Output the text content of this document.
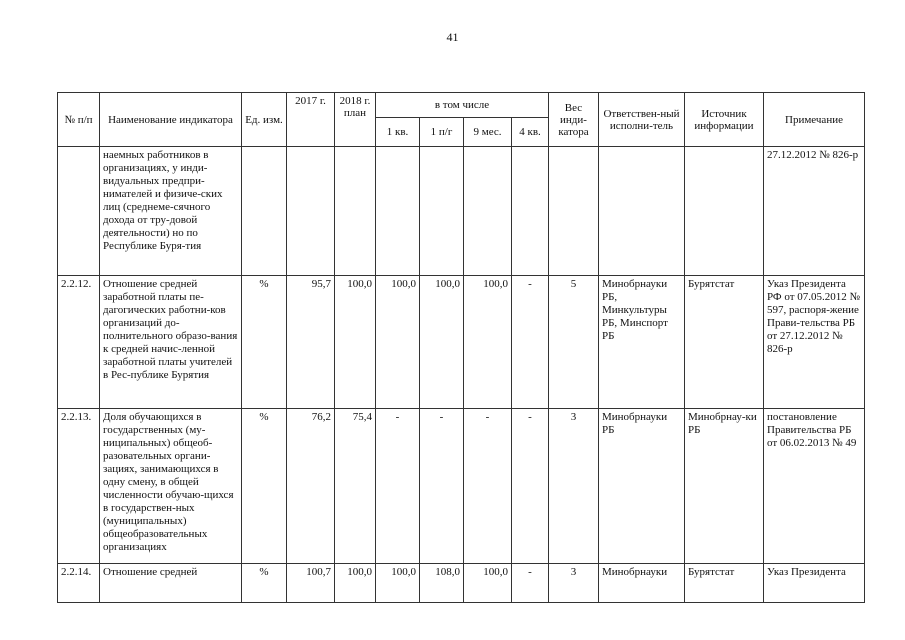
41
№ п/п	Наименование индикатора	Ед. изм.	2017 г.	2018 г. план	в том числе				Вес инди-катора	Ответствен-ный исполни-тель	Источник информации	Примечание
					1 кв.	1 п/г	9 мес.	4 кв.				
	наемных работников в организациях, у инди-видуальных предпри-нимателей и физиче-ских лиц (среднеме-сячного дохода от тру-довой деятельности) но по Республике Буря-тия											27.12.2012 № 826-р
2.2.12.	Отношение средней заработной платы пе-дагогических работни-ков организаций до-полнительного образо-вания к средней начис-ленной заработной платы учителей в Рес-публике Бурятия	%	95,7	100,0	100,0	100,0	100,0	-	5	Минобрнауки РБ, Минкультуры РБ, Минспорт РБ	Бурятстат	Указ Президента РФ от 07.05.2012 № 597, распоря-жение Прави-тельства РБ от 27.12.2012 № 826-р
2.2.13.	Доля обучающихся в государственных (му-ниципальных) общеоб-разовательных органи-зациях, занимающихся в одну смену, в общей численности обучаю-щихся в государствен-ных (муниципальных) общеобразовательных организациях	%	76,2	75,4	-	-	-	-	3	Минобрнауки РБ	Минобрнау-ки РБ	постановление Правительства РБ от 06.02.2013 № 49
2.2.14.	Отношение средней	%	100,7	100,0	100,0	108,0	100,0	-	3	Минобрнауки	Бурятстат	Указ Президента
